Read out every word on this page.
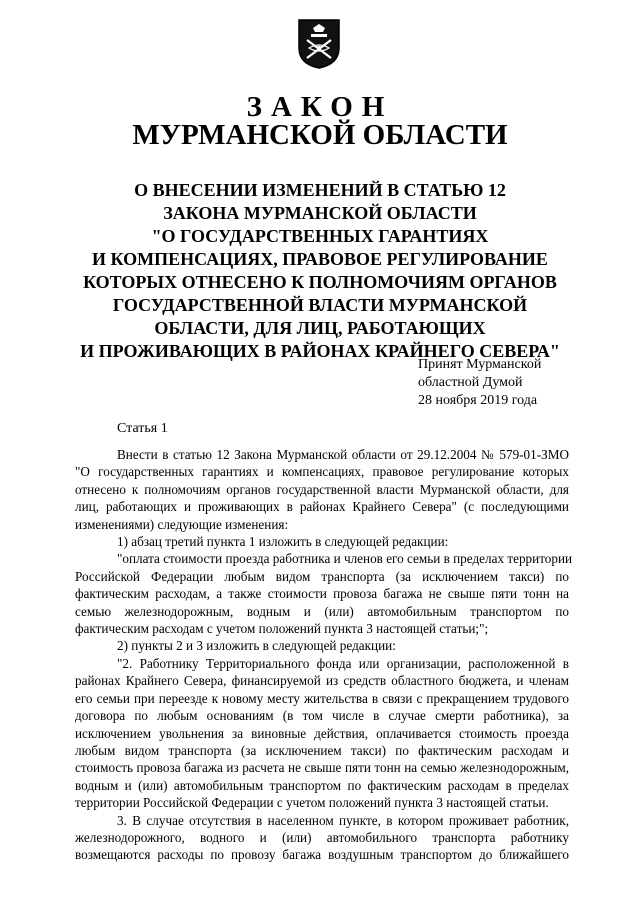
ЗАКОН
МУРМАНСКОЙ ОБЛАСТИ
О ВНЕСЕНИИ ИЗМЕНЕНИЙ В СТАТЬЮ 12
ЗАКОНА МУРМАНСКОЙ ОБЛАСТИ
"О ГОСУДАРСТВЕННЫХ ГАРАНТИЯХ
И КОМПЕНСАЦИЯХ, ПРАВОВОЕ РЕГУЛИРОВАНИЕ
КОТОРЫХ ОТНЕСЕНО К ПОЛНОМОЧИЯМ ОРГАНОВ
ГОСУДАРСТВЕННОЙ ВЛАСТИ МУРМАНСКОЙ
ОБЛАСТИ, ДЛЯ ЛИЦ, РАБОТАЮЩИХ
И ПРОЖИВАЮЩИХ В РАЙОНАХ КРАЙНЕГО СЕВЕРА"
Принят Мурманской
областной Думой
28 ноября 2019 года
Статья 1
Внести в статью 12 Закона Мурманской области от 29.12.2004 № 579-01-ЗМО
"О государственных гарантиях и компенсациях, правовое регулирование которых
отнесено к полномочиям органов государственной власти Мурманской области, для
лиц, работающих и проживающих в районах Крайнего Севера" (с последующими
изменениями) следующие изменения:
1) абзац третий пункта 1 изложить в следующей редакции:
"оплата стоимости проезда работника и членов его семьи в пределах территории
Российской Федерации любым видом транспорта (за исключением такси) по
фактическим расходам, а также стоимости провоза багажа не свыше пяти тонн на
семью железнодорожным, водным и (или) автомобильным транспортом по
фактическим расходам с учетом положений пункта 3 настоящей статьи;";
2) пункты 2 и 3 изложить в следующей редакции:
"2. Работнику Территориального фонда или организации, расположенной в
районах Крайнего Севера, финансируемой из средств областного бюджета, и членам
его семьи при переезде к новому месту жительства в связи с прекращением трудового
договора по любым основаниям (в том числе в случае смерти работника), за
исключением увольнения за виновные действия, оплачивается стоимость проезда
любым видом транспорта (за исключением такси) по фактическим расходам и
стоимость провоза багажа из расчета не свыше пяти тонн на семью железнодорожным,
водным и (или) автомобильным транспортом по фактическим расходам в пределах
территории Российской Федерации с учетом положений пункта 3 настоящей статьи.
3. В случае отсутствия в населенном пункте, в котором проживает работник,
железнодорожного, водного и (или) автомобильного транспорта работнику
возмещаются расходы по провозу багажа воздушным транспортом до ближайшего
